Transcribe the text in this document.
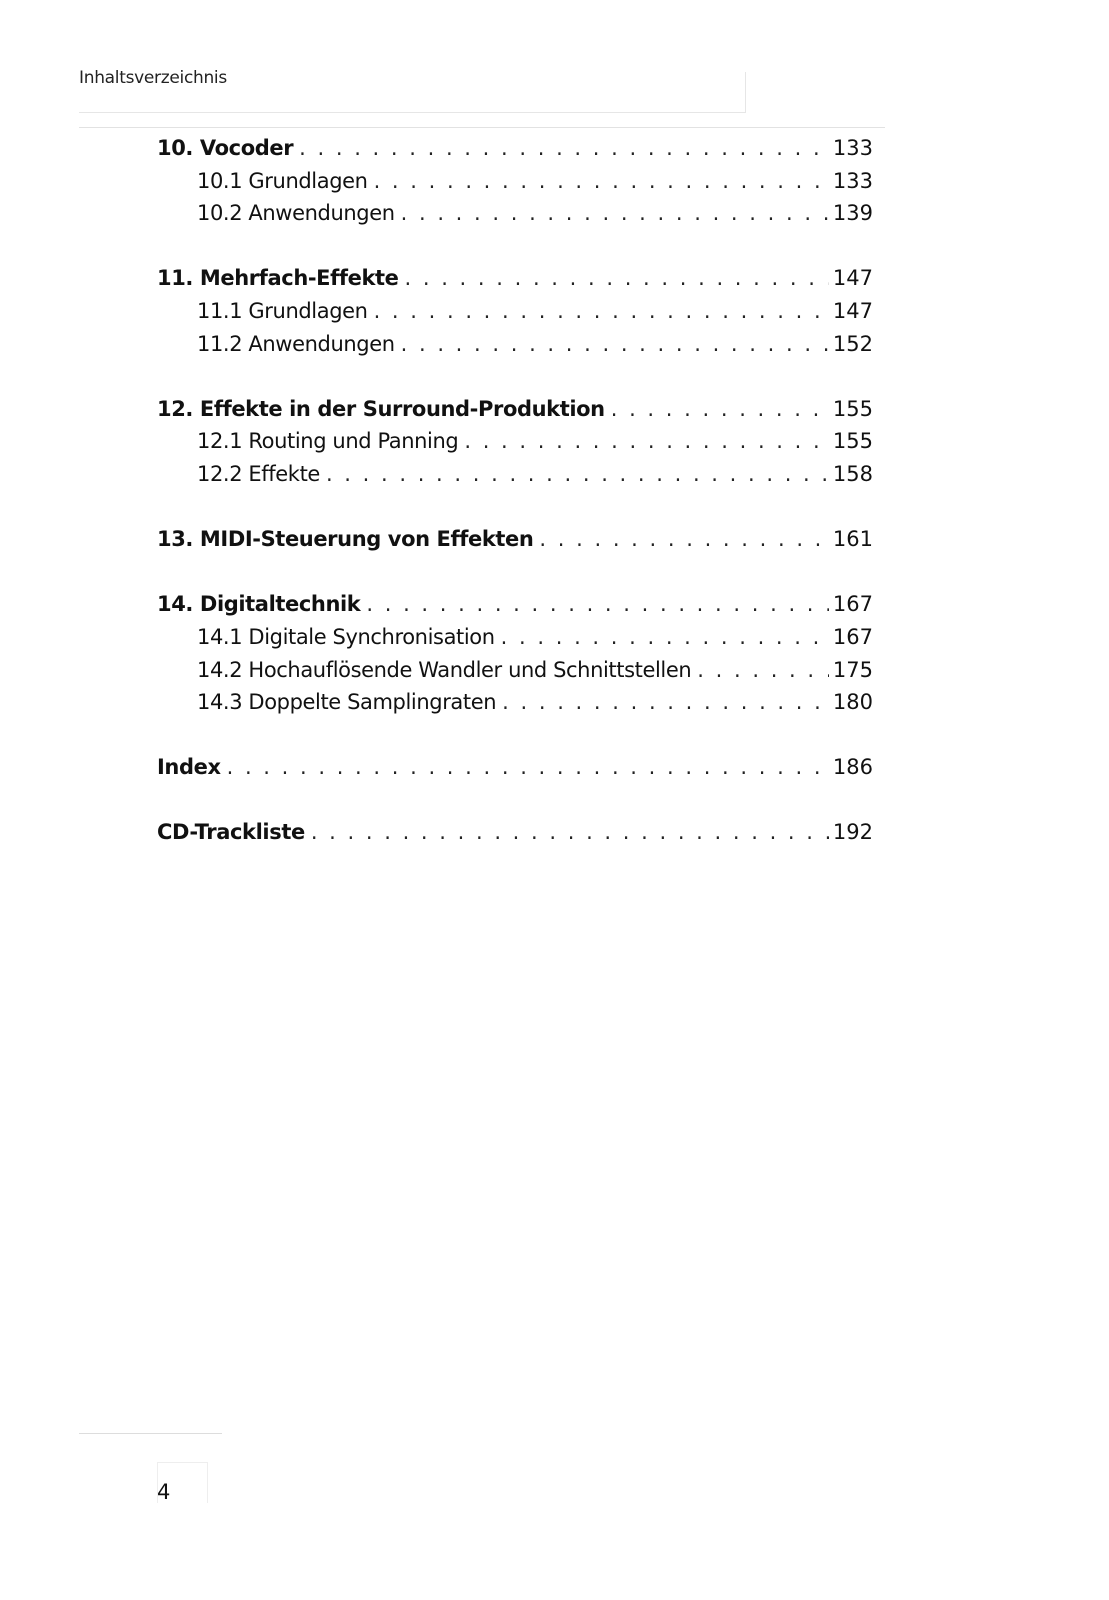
Inhaltsverzeichnis
10. Vocoder . . .	133
10.1 Grundlagen . . .	133
10.2 Anwendungen . . .	139
11. Mehrfach-Effekte . . .	147
11.1 Grundlagen . . .	147
11.2 Anwendungen . . .	152
12. Effekte in der Surround-Produktion . . .	155
12.1 Routing und Panning . . .	155
12.2 Effekte . . .	158
13. MIDI-Steuerung von Effekten . . .	161
14. Digitaltechnik . . .	167
14.1 Digitale Synchronisation . . .	167
14.2 Hochauflösende Wandler und Schnittstellen . . .	175
14.3 Doppelte Samplingraten . . .	180
Index . . .	186
CD-Trackliste . . .	192
4
